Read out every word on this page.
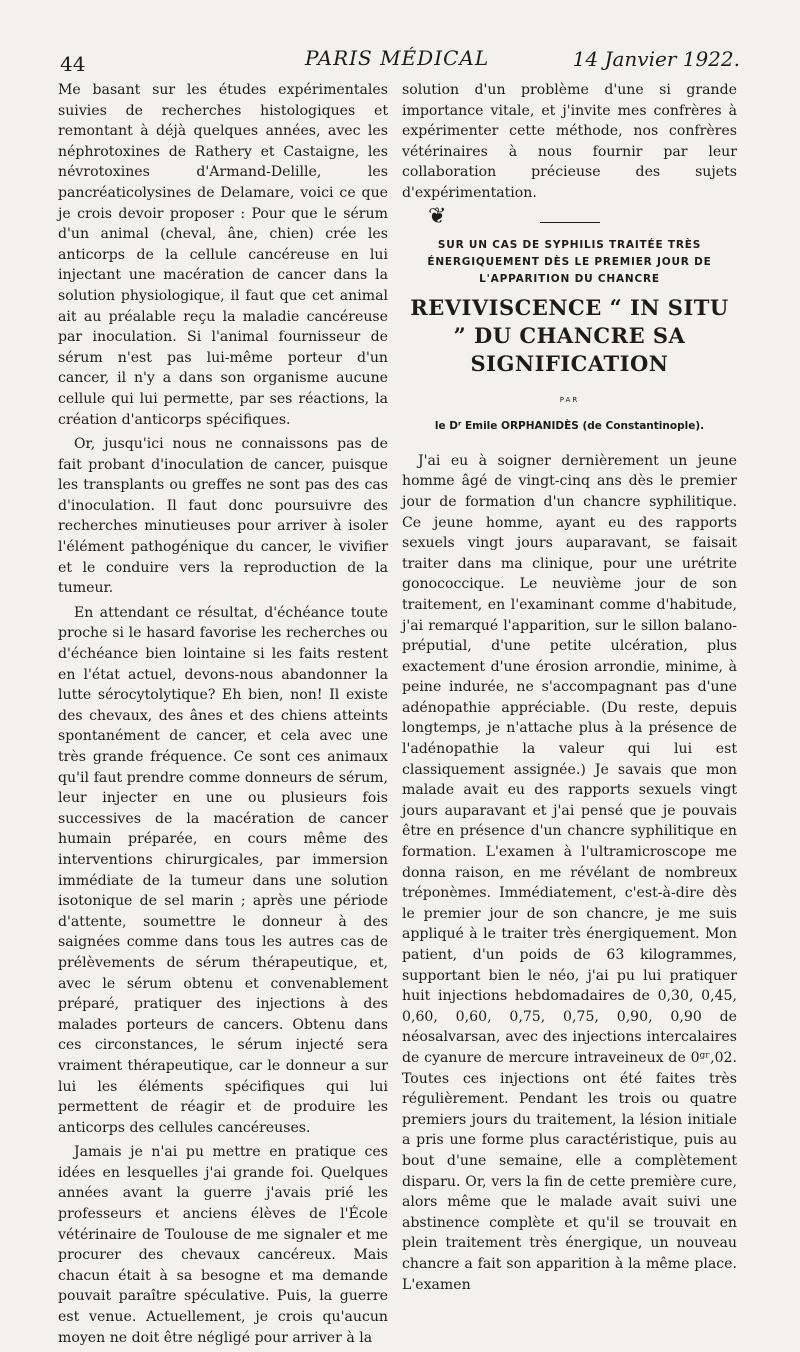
44	PARIS MÉDICAL	14 Janvier 1922.

Me basant sur les études expérimentales suivies de recherches histologiques et remontant à déjà quelques années, avec les néphrotoxines de Rathery et Castaigne, les névrotoxines d'Armand-Delille, les pancréaticolysines de Delamare, voici ce que je crois devoir proposer : Pour que le sérum d'un animal (cheval, âne, chien) crée les anticorps de la cellule cancéreuse en lui injectant une macération de cancer dans la solution physiologique, il faut que cet animal ait au préalable reçu la maladie cancéreuse par inoculation. Si l'animal fournisseur de sérum n'est pas lui-même porteur d'un cancer, il n'y a dans son organisme aucune cellule qui lui permette, par ses réactions, la création d'anticorps spécifiques.

Or, jusqu'ici nous ne connaissons pas de fait probant d'inoculation de cancer, puisque les transplants ou greffes ne sont pas des cas d'inoculation. Il faut donc poursuivre des recherches minutieuses pour arriver à isoler l'élément pathogénique du cancer, le vivifier et le conduire vers la reproduction de la tumeur.

En attendant ce résultat, d'échéance toute proche si le hasard favorise les recherches ou d'échéance bien lointaine si les faits restent en l'état actuel, devons-nous abandonner la lutte sérocytolytique? Eh bien, non! Il existe des chevaux, des ânes et des chiens atteints spontanément de cancer, et cela avec une très grande fréquence. Ce sont ces animaux qu'il faut prendre comme donneurs de sérum, leur injecter en une ou plusieurs fois successives de la macération de cancer humain préparée, en cours même des interventions chirurgicales, par immersion immédiate de la tumeur dans une solution isotonique de sel marin ; après une période d'attente, soumettre le donneur à des saignées comme dans tous les autres cas de prélèvements de sérum thérapeutique, et, avec le sérum obtenu et convenablement préparé, pratiquer des injections à des malades porteurs de cancers. Obtenu dans ces circonstances, le sérum injecté sera vraiment thérapeutique, car le donneur a sur lui les éléments spécifiques qui lui permettent de réagir et de produire les anticorps des cellules cancéreuses.

Jamais je n'ai pu mettre en pratique ces idées en lesquelles j'ai grande foi. Quelques années avant la guerre j'avais prié les professeurs et anciens élèves de l'École vétérinaire de Toulouse de me signaler et me procurer des chevaux cancéreux. Mais chacun était à sa besogne et ma demande pouvait paraître spéculative. Puis, la guerre est venue. Actuellement, je crois qu'aucun moyen ne doit être négligé pour arriver à la

solution d'un problème d'une si grande importance vitale, et j'invite mes confrères à expérimenter cette méthode, nos confrères vétérinaires à nous fournir par leur collaboration précieuse des sujets d'expérimentation.

❦
SUR UN CAS DE SYPHILIS TRAITÉE TRÈS ÉNERGIQUEMENT DÈS LE PREMIER JOUR DE L'APPARITION DU CHANCRE
REVIVISCENCE “ IN SITU ” DU CHANCRE SA SIGNIFICATION
PAR
le Dʳ Emile ORPHANIDÈS (de Constantinople).

J'ai eu à soigner dernièrement un jeune homme âgé de vingt-cinq ans dès le premier jour de formation d'un chancre syphilitique. Ce jeune homme, ayant eu des rapports sexuels vingt jours auparavant, se faisait traiter dans ma clinique, pour une urétrite gonococcique. Le neuvième jour de son traitement, en l'examinant comme d'habitude, j'ai remarqué l'apparition, sur le sillon balano-préputial, d'une petite ulcération, plus exactement d'une érosion arrondie, minime, à peine indurée, ne s'accompagnant pas d'une adénopathie appréciable. (Du reste, depuis longtemps, je n'attache plus à la présence de l'adénopathie la valeur qui lui est classiquement assignée.) Je savais que mon malade avait eu des rapports sexuels vingt jours auparavant et j'ai pensé que je pouvais être en présence d'un chancre syphilitique en formation. L'examen à l'ultramicroscope me donna raison, en me révélant de nombreux tréponèmes. Immédiatement, c'est-à-dire dès le premier jour de son chancre, je me suis appliqué à le traiter très énergiquement. Mon patient, d'un poids de 63 kilogrammes, supportant bien le néo, j'ai pu lui pratiquer huit injections hebdomadaires de 0,30, 0,45, 0,60, 0,60, 0,75, 0,75, 0,90, 0,90 de néosalvarsan, avec des injections intercalaires de cyanure de mercure intraveineux de 0ᵍʳ,02. Toutes ces injections ont été faites très régulièrement. Pendant les trois ou quatre premiers jours du traitement, la lésion initiale a pris une forme plus caractéristique, puis au bout d'une semaine, elle a complètement disparu. Or, vers la fin de cette première cure, alors même que le malade avait suivi une abstinence complète et qu'il se trouvait en plein traitement très énergique, un nouveau chancre a fait son apparition à la même place. L'examen
